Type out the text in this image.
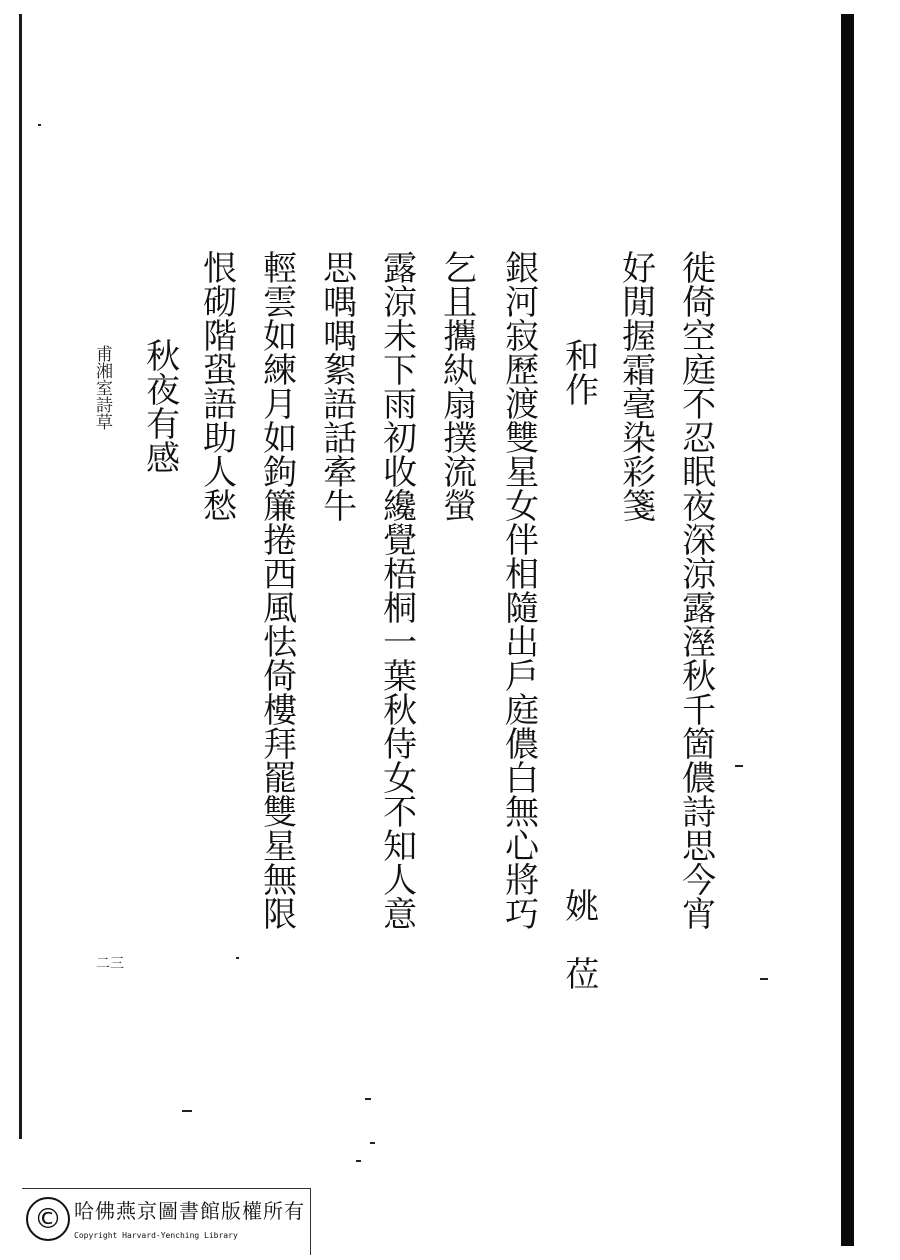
徙倚空庭不忍眠夜深涼露溼秋千箇儂詩思今宵
好閒握霜毫染彩箋
和作
姚　莅
銀河寂歷渡雙星女伴相隨出戶庭儂白無心將巧
乞且攜紈扇撲流螢
露涼未下雨初收纔覺梧桐一葉秋侍女不知人意
思喁喁絮語話牽牛
輕雲如練月如鉤簾捲西風怯倚樓拜罷雙星無限
恨砌階蛩語助人愁
秋夜有感
甫湘室詩草
二三
© 哈佛燕京圖書館版權所有
Copyright Harvard-Yenching Library
